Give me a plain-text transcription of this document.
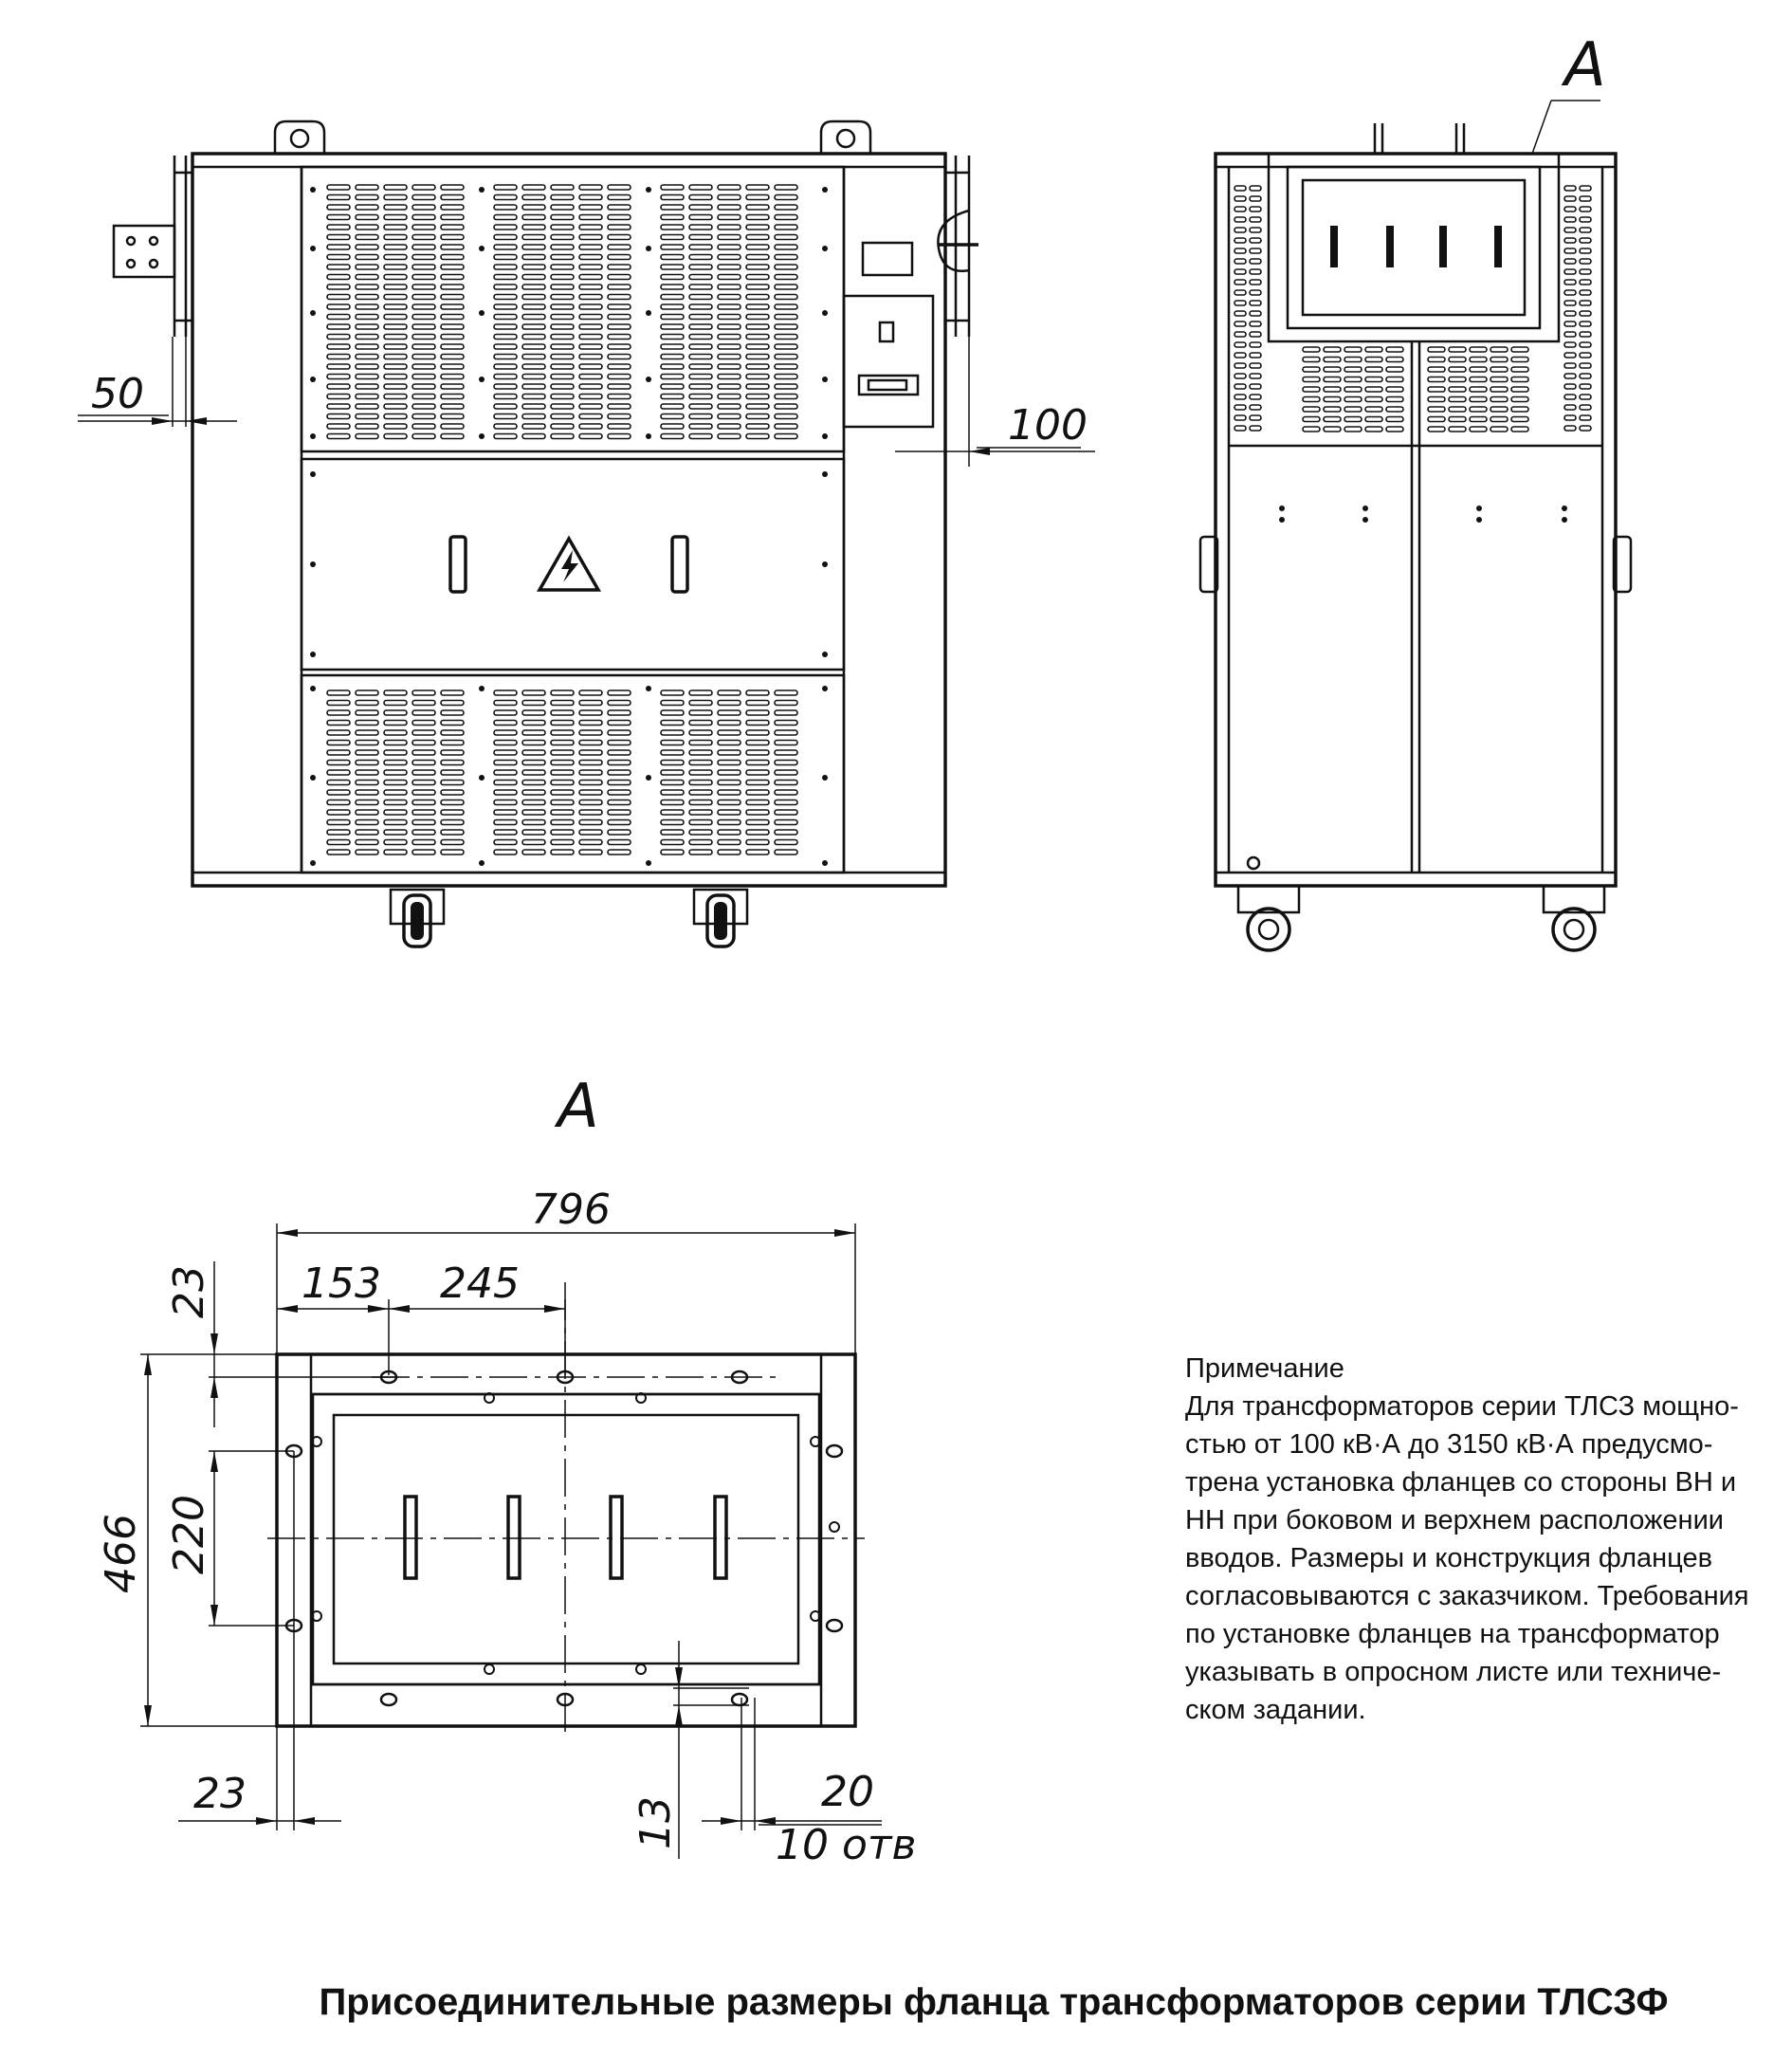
50
100
A
A
796
153 245
23
466 220
23
13
20
10 отв
Примечание
Для трансформаторов серии ТЛСЗ мощно-
стью от 100 кВ·А до 3150 кВ·А предусмо-
трена установка фланцев со стороны ВН и
НН при боковом и верхнем расположении
вводов. Размеры и конструкция фланцев
согласовываются с заказчиком. Требования
по установке фланцев на трансформатор
указывать в опросном листе или техниче-
ском задании.
Присоединительные размеры фланца трансформаторов серии ТЛСЗФ
